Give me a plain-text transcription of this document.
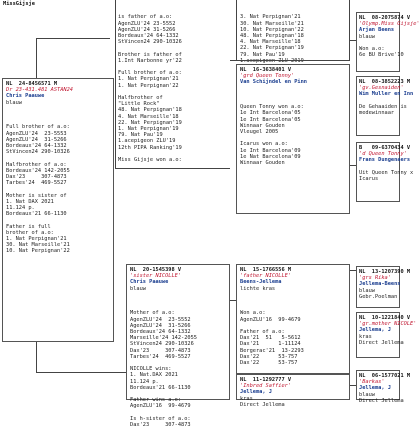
MissGijsje

is father of a.o:
AgenZLU'24 23-5552
AgenZLU'24 31-5266
Bordeaux'24 64-1332
StVincen24 290-10326

Brother is father of
1.Int Narbonne yr'22

Full brother of a.o:
1. Nat Perpignan'21
1. Nat Perpignan'22

Halfbrother of
"Little Rock"
48. Nat Perpignan'18
4. Nat Marseille'18
22. Nat Perpignan'19
1. Nat Perpignan'19
79. Nat Pau'19
1.acepigeon ZLU'19
12th PIPA Ranking'19

Miss Gijsje won a.o:

NL  24-8456571 M
Dr 23-431.481 ASTAN24
Chris Paauwe
blauw

Full brother of a.o:
AgenZLU'24  23-5553
AgenZLU'24  31-5266
Bordeaux'24 64-1332
StVincen24 290-10326

Halfbrother of a.o:
Bordeaux'24 142-2055
Dax'23     307-4873
Tarbes'24  469-5527

Mother is sister of
1. Nat DAX 2021
11.124 p.
Bordeaux'21 66-1130

Father is full
brother of a.o:
1. Nat Perpignan'21
30. Nat Marseille'21
10. Nat Perpignan'22

3. Nat Perpignan'21
30. Nat Marseille'21
10. Nat Perpignan'22
48. Nat Perpignan'18
4. Nat Marseille'18
22. Nat Perpignan'19
79. Nat Pau'19

NL  16-3638401 V
'grd Queen Tonny'
Van Schijndel en Pinn

Queen Tonny won a.o:
1e Int Barcelona'05
1e Int Barcelona'05
Winnaar Gouden
Vleugel 2005

Icarus won a.o:
1e Int Barcelona'09
1e Nat Barcelona'09
Winnaar Gouden

NL  20-1545398 V
'sister NICOLLE'
Chris Paauwe
blauw

Mother of a.o:
AgenZLU'24  23-5552
AgenZLU'24  31-5266
Bordeaux'24 64-1332
Marseille'24 142-2055
StVincen24 290-10326
Dax'23     307-4873
Tarbes'24  469-5527

NICOLLE wins:
1. Nat.DAX 2021
11.124 p.
Bordeaux'21 66-1130

Father wins a.o:
AgenZLU'16  99-4679

Is h-sister of a.o:
Dax'23     307-4873

NL  15-1766556 M
'father NICOLLE'
Beens-Jellema
lichte kras

Won a.o:
AgenZLU'16  99-4679

Father of a.o:
Dax'21  51   5-5612
Dax'21      1-11124
Bergerac'21  13-2293
Dax'22      53-757
Dax'22      53-757

NL  11-1292777 V
'Inbred Saffier'
Jellema, J
kras
Direct Jellema
NL  08-2075874 V
'Olymp.Miss Gijsje'
Arjan Beens
blauw

Won a.o:
6e BU Brive'10
NL  08-3852223 M
'gv.Gesnaiden'
Wim Muller en Inn

De Gehaaiden is
medewinnaar
B   09-6370434 V
'd Queen Tonny'
Frans Dungenaers

Uit Queen Tonny x
Icarus
NL  13-1207390 M
'grs Rika'
Jellema-Beens
blauw
Gebr.Poelman
NL  10-1221840 V
'gr.mother NICOLE'
Jellema, J
kras
Direct Jellema
NL  06-1577021 M
'Barkas'
Jellema, J
blauw
Direct Jellema
